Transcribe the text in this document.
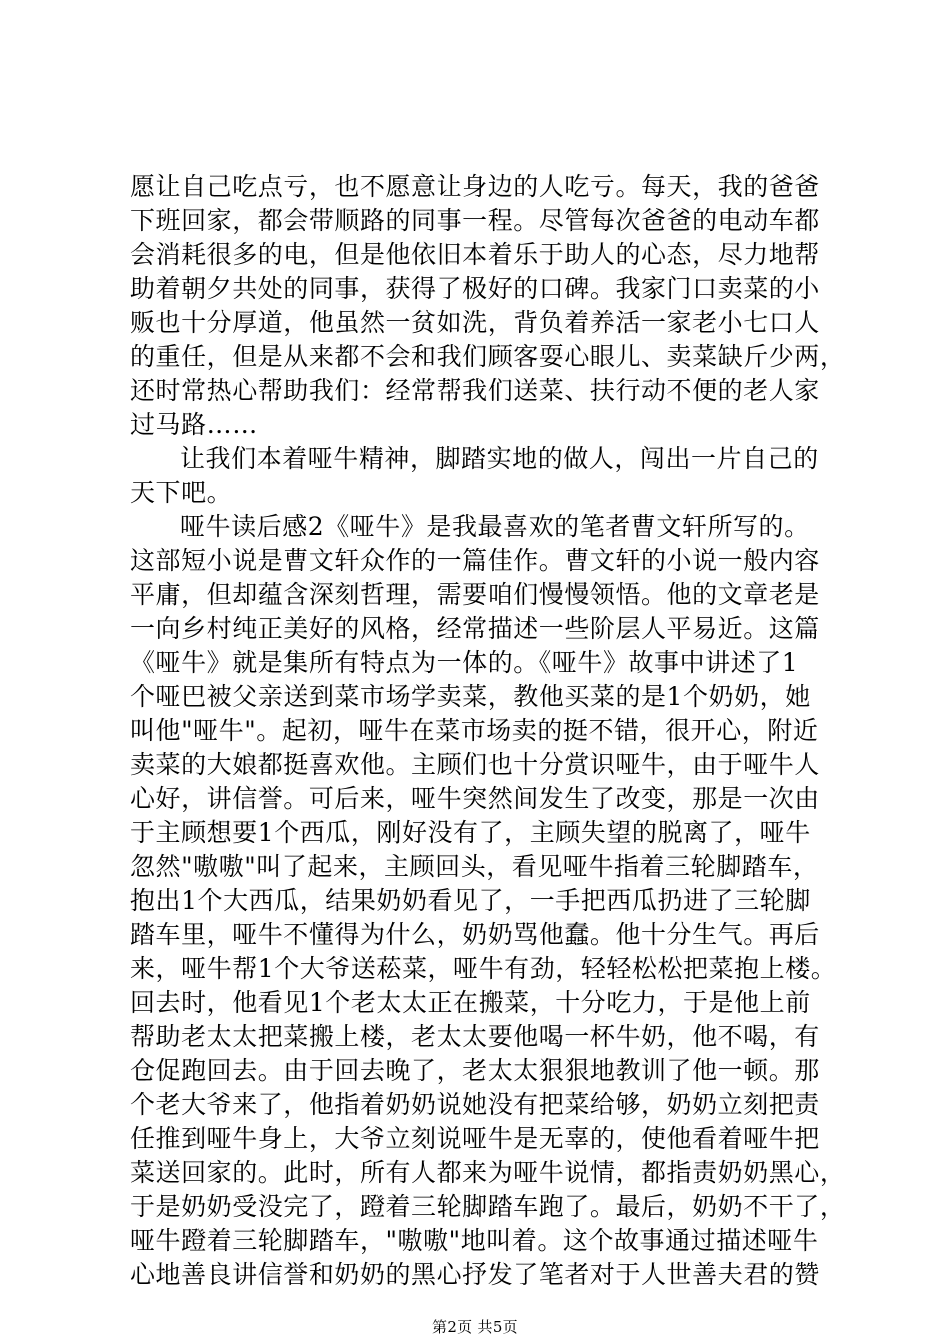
愿让自己吃点亏，也不愿意让身边的人吃亏。每天，我的爸爸
下班回家，都会带顺路的同事一程。尽管每次爸爸的电动车都
会消耗很多的电，但是他依旧本着乐于助人的心态，尽力地帮
助着朝夕共处的同事，获得了极好的口碑。我家门口卖菜的小
贩也十分厚道，他虽然一贫如洗，背负着养活一家老小七口人
的重任，但是从来都不会和我们顾客耍心眼儿、卖菜缺斤少两，
还时常热心帮助我们：经常帮我们送菜、扶行动不便的老人家
过马路……
让我们本着哑牛精神，脚踏实地的做人，闯出一片自己的
天下吧。
哑牛读后感2《哑牛》是我最喜欢的笔者曹文轩所写的。
这部短小说是曹文轩众作的一篇佳作。曹文轩的小说一般内容
平庸，但却蕴含深刻哲理，需要咱们慢慢领悟。他的文章老是
一向乡村纯正美好的风格，经常描述一些阶层人平易近。这篇
《哑牛》就是集所有特点为一体的。《哑牛》故事中讲述了1
个哑巴被父亲送到菜市场学卖菜，教他买菜的是1个奶奶，她
叫他"哑牛"。起初，哑牛在菜市场卖的挺不错，很开心，附近
卖菜的大娘都挺喜欢他。主顾们也十分赏识哑牛，由于哑牛人
心好，讲信誉。可后来，哑牛突然间发生了改变，那是一次由
于主顾想要1个西瓜，刚好没有了，主顾失望的脱离了，哑牛
忽然"嗷嗷"叫了起来，主顾回头，看见哑牛指着三轮脚踏车，
抱出1个大西瓜，结果奶奶看见了，一手把西瓜扔进了三轮脚
踏车里，哑牛不懂得为什么，奶奶骂他蠢。他十分生气。再后
来，哑牛帮1个大爷送菘菜，哑牛有劲，轻轻松松把菜抱上楼。
回去时，他看见1个老太太正在搬菜，十分吃力，于是他上前
帮助老太太把菜搬上楼，老太太要他喝一杯牛奶，他不喝，有
仓促跑回去。由于回去晚了，老太太狠狠地教训了他一顿。那
个老大爷来了，他指着奶奶说她没有把菜给够，奶奶立刻把责
任推到哑牛身上，大爷立刻说哑牛是无辜的，使他看着哑牛把
菜送回家的。此时，所有人都来为哑牛说情，都指责奶奶黑心，
于是奶奶受没完了，蹬着三轮脚踏车跑了。最后，奶奶不干了，
哑牛蹬着三轮脚踏车，"嗷嗷"地叫着。这个故事通过描述哑牛
心地善良讲信誉和奶奶的黑心抒发了笔者对于人世善夫君的赞
第2页 共5页
